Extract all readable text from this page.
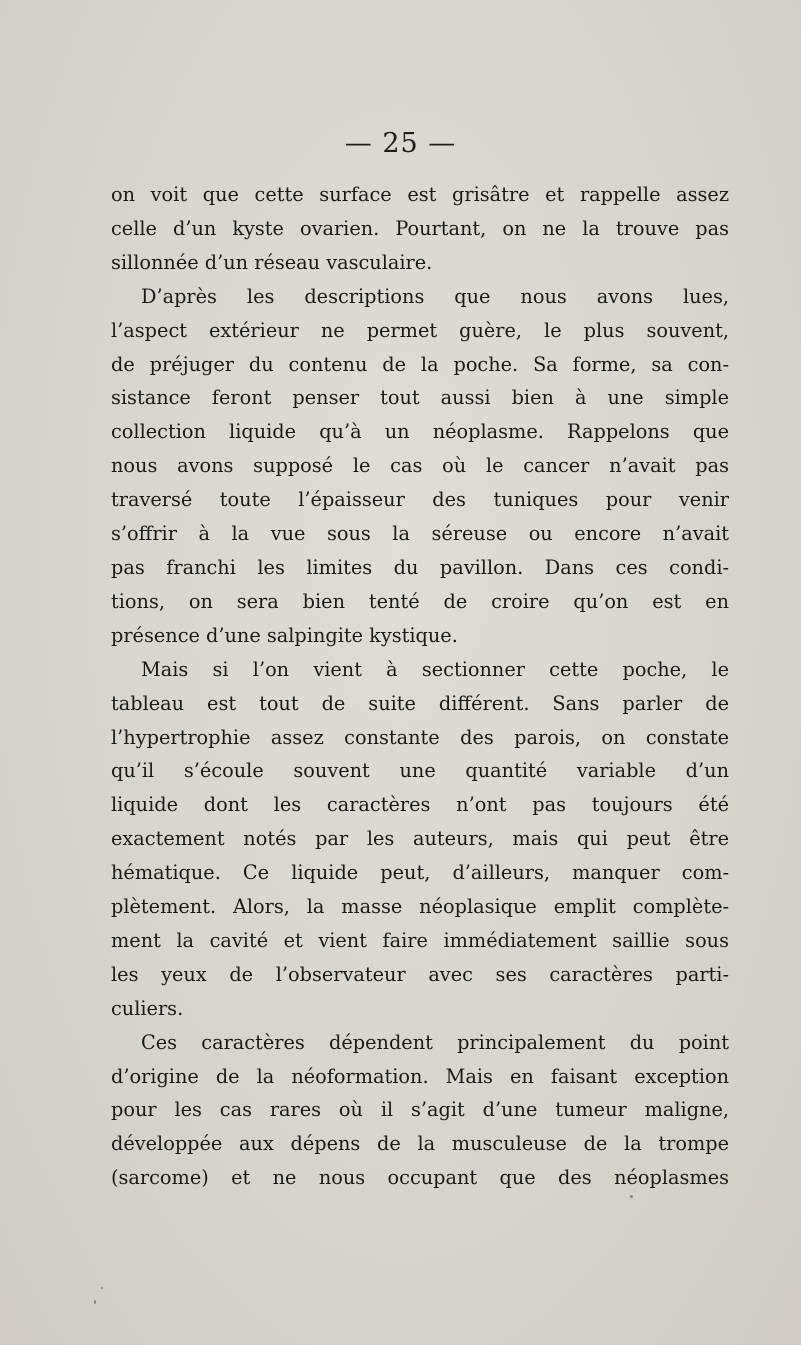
— 25 —
on voit que cette surface est grisâtre et rappelle assez
celle d’un kyste ovarien. Pourtant, on ne la trouve pas
sillonnée d’un réseau vasculaire.
D’après les descriptions que nous avons lues,
l’aspect extérieur ne permet guère, le plus souvent,
de préjuger du contenu de la poche. Sa forme, sa con-
sistance feront penser tout aussi bien à une simple
collection liquide qu’à un néoplasme. Rappelons que
nous avons supposé le cas où le cancer n’avait pas
traversé toute l’épaisseur des tuniques pour venir
s’offrir à la vue sous la séreuse ou encore n’avait
pas franchi les limites du pavillon. Dans ces condi-
tions, on sera bien tenté de croire qu’on est en
présence d’une salpingite kystique.
Mais si l’on vient à sectionner cette poche, le
tableau est tout de suite différent. Sans parler de
l’hypertrophie assez constante des parois, on constate
qu’il s’écoule souvent une quantité variable d’un
liquide dont les caractères n’ont pas toujours été
exactement notés par les auteurs, mais qui peut être
hématique. Ce liquide peut, d’ailleurs, manquer com-
plètement. Alors, la masse néoplasique emplit complète-
ment la cavité et vient faire immédiatement saillie sous
les yeux de l’observateur avec ses caractères parti-
culiers.
Ces caractères dépendent principalement du point
d’origine de la néoformation. Mais en faisant exception
pour les cas rares où il s’agit d’une tumeur maligne,
développée aux dépens de la musculeuse de la trompe
(sarcome) et ne nous occupant que des néoplasmes
